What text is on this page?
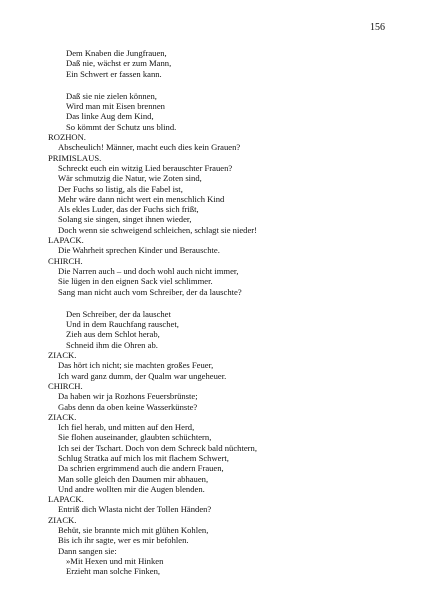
156
Dem Knaben die Jungfrauen,
Daß nie, wächst er zum Mann,
Ein Schwert er fassen kann.
Daß sie nie zielen können,
Wird man mit Eisen brennen
Das linke Aug dem Kind,
So kömmt der Schutz uns blind.
ROZHON.
Abscheulich! Männer, macht euch dies kein Grauen?
PRIMISLAUS.
Schreckt euch ein witzig Lied berauschter Frauen?
Wär schmutzig die Natur, wie Zoten sind,
Der Fuchs so listig, als die Fabel ist,
Mehr wäre dann nicht wert ein menschlich Kind
Als ekles Luder, das der Fuchs sich frißt,
Solang sie singen, singet ihnen wieder,
Doch wenn sie schweigend schleichen, schlagt sie nieder!
LAPACK.
Die Wahrheit sprechen Kinder und Berauschte.
CHIRCH.
Die Narren auch – und doch wohl auch nicht immer,
Sie lügen in den eignen Sack viel schlimmer.
Sang man nicht auch vom Schreiber, der da lauschte?
Den Schreiber, der da lauschet
Und in dem Rauchfang rauschet,
Zieh aus dem Schlot herab,
Schneid ihm die Ohren ab.
ZIACK.
Das hört ich nicht; sie machten großes Feuer,
Ich ward ganz dumm, der Qualm war ungeheuer.
CHIRCH.
Da haben wir ja Rozhons Feuersbrünste;
Gabs denn da oben keine Wasserkünste?
ZIACK.
Ich fiel herab, und mitten auf den Herd,
Sie flohen auseinander, glaubten schüchtern,
Ich sei der Tschart. Doch von dem Schreck bald nüchtern,
Schlug Stratka auf mich los mit flachem Schwert,
Da schrien ergrimmend auch die andern Frauen,
Man solle gleich den Daumen mir abhauen,
Und andre wollten mir die Augen blenden.
LAPACK.
Entriß dich Wlasta nicht der Tollen Händen?
ZIACK.
Behüt, sie brannte mich mit glühen Kohlen,
Bis ich ihr sagte, wer es mir befohlen.
Dann sangen sie:
»Mit Hexen und mit Hinken
Erzieht man solche Finken,
